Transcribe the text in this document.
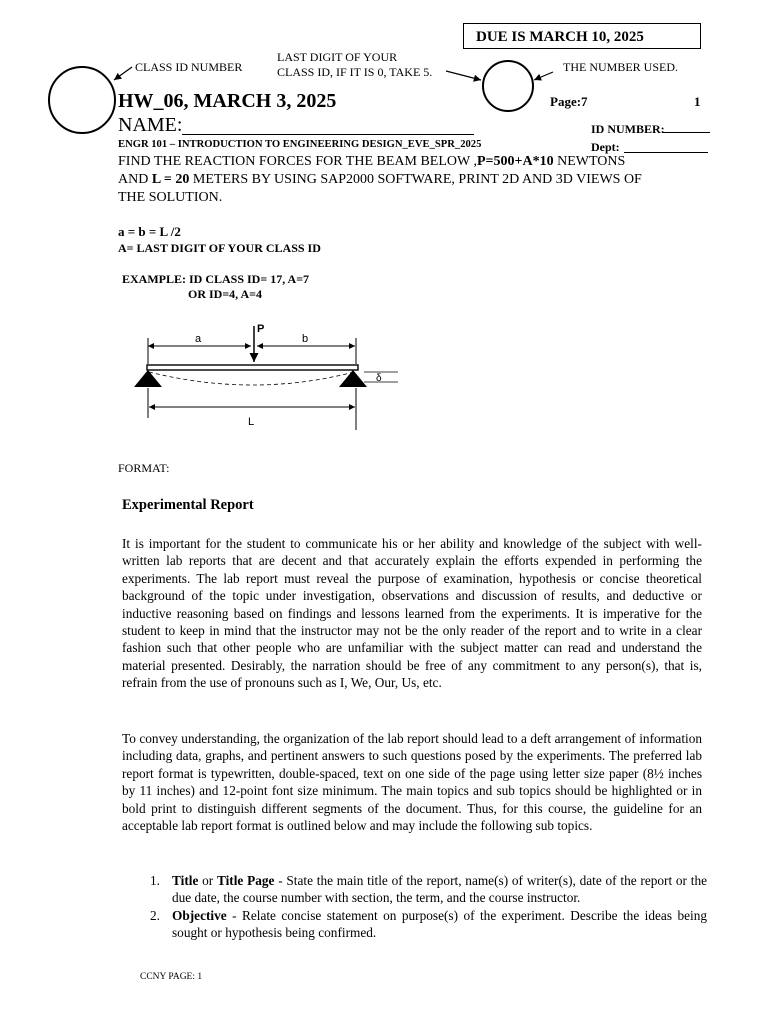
DUE IS MARCH 10, 2025
CLASS ID NUMBER
LAST DIGIT OF YOUR
CLASS ID, IF IT IS 0, TAKE 5.	THE NUMBER USED.
HW_06, MARCH 3, 2025	Page:7	1
NAME:	ID NUMBER:
ENGR 101 – INTRODUCTION TO ENGINEERING DESIGN_EVE_SPR_2025	Dept:
FIND THE REACTION FORCES FOR THE BEAM BELOW ,P=500+A*10 NEWTONS
AND L = 20 METERS BY USING SAP2000 SOFTWARE, PRINT 2D AND 3D VIEWS OF
THE SOLUTION.
a = b = L /2
A= LAST DIGIT OF YOUR CLASS ID
EXAMPLE: ID CLASS ID= 17, A=7
OR ID=4, A=4
a
P
b
δ
L
FORMAT:
Experimental Report
It is important for the student to communicate his or her ability and knowledge of the subject with well-written lab reports that are decent and that accurately explain the efforts expended in performing the experiments. The lab report must reveal the purpose of examination, hypothesis or concise theoretical background of the topic under investigation, observations and discussion of results, and deductive or inductive reasoning based on findings and lessons learned from the experiments. It is imperative for the student to keep in mind that the instructor may not be the only reader of the report and to write in a clear fashion such that other people who are unfamiliar with the subject matter can read and understand the material presented. Desirably, the narration should be free of any commitment to any person(s), that is, refrain from the use of pronouns such as I, We, Our, Us, etc.
To convey understanding, the organization of the lab report should lead to a deft arrangement of information including data, graphs, and pertinent answers to such questions posed by the experiments. The preferred lab report format is typewritten, double-spaced, text on one side of the page using letter size paper (8½ inches by 11 inches) and 12-point font size minimum. The main topics and sub topics should be highlighted or in bold print to distinguish different segments of the document. Thus, for this course, the guideline for an acceptable lab report format is outlined below and may include the following sub topics.
1. Title or Title Page - State the main title of the report, name(s) of writer(s), date of the report or the due date, the course number with section, the term, and the course instructor.
2. Objective - Relate concise statement on purpose(s) of the experiment. Describe the ideas being sought or hypothesis being confirmed.
CCNY PAGE: 1
